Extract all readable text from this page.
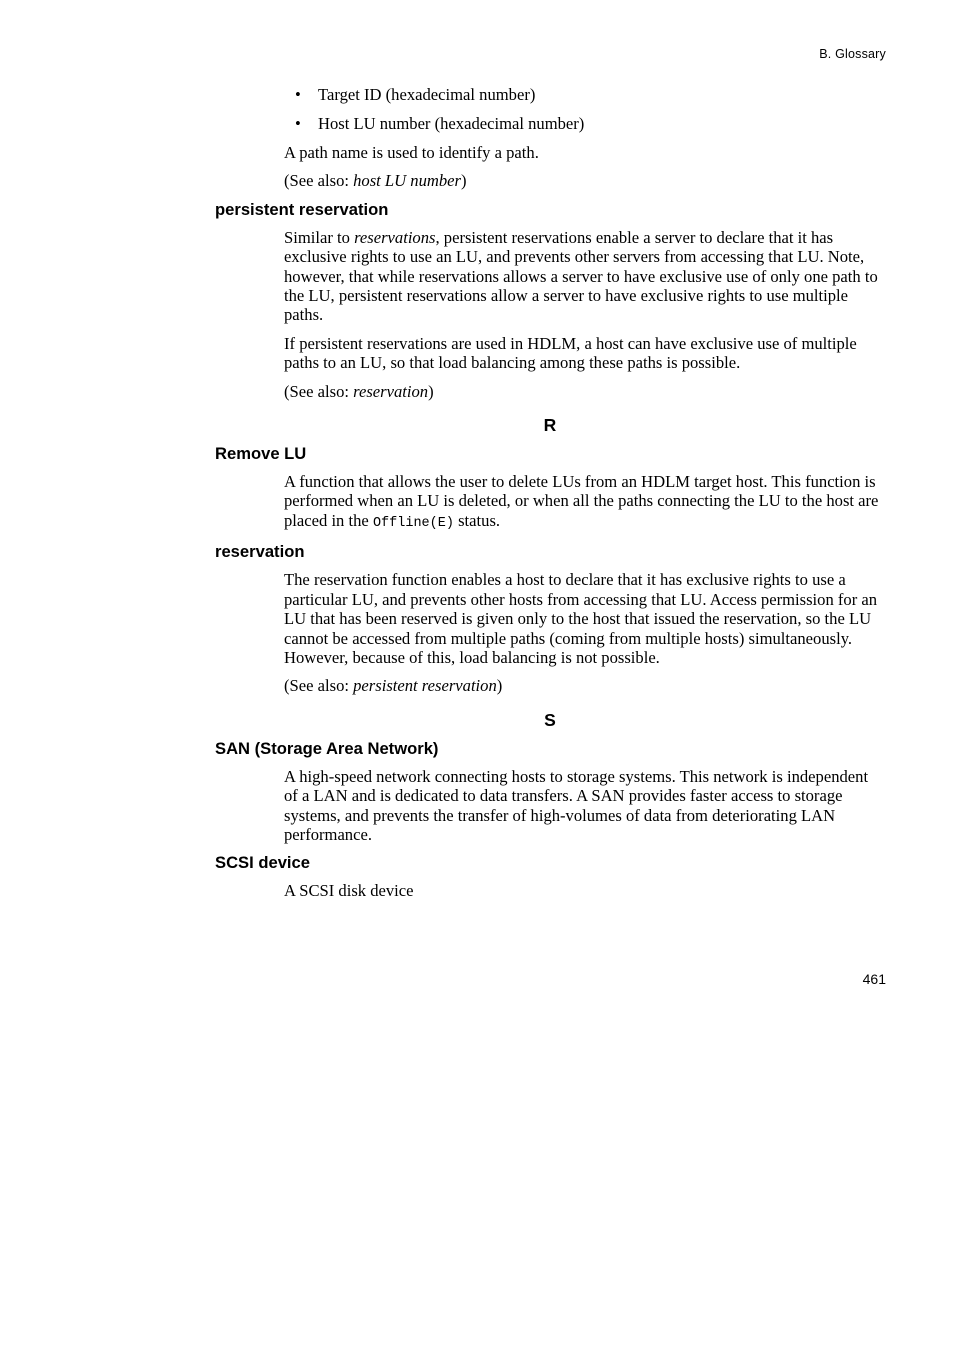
B. Glossary
• Target ID (hexadecimal number)
• Host LU number (hexadecimal number)

A path name is used to identify a path.

(See also: host LU number)

persistent reservation

Similar to reservations, persistent reservations enable a server to declare that it has exclusive rights to use an LU, and prevents other servers from accessing that LU. Note, however, that while reservations allows a server to have exclusive use of only one path to the LU, persistent reservations allow a server to have exclusive rights to use multiple paths.

If persistent reservations are used in HDLM, a host can have exclusive use of multiple paths to an LU, so that load balancing among these paths is possible.

(See also: reservation)

R
Remove LU

A function that allows the user to delete LUs from an HDLM target host. This function is performed when an LU is deleted, or when all the paths connecting the LU to the host are placed in the Offline(E) status.

reservation

The reservation function enables a host to declare that it has exclusive rights to use a particular LU, and prevents other hosts from accessing that LU. Access permission for an LU that has been reserved is given only to the host that issued the reservation, so the LU cannot be accessed from multiple paths (coming from multiple hosts) simultaneously. However, because of this, load balancing is not possible.

(See also: persistent reservation)

S
SAN (Storage Area Network)

A high-speed network connecting hosts to storage systems. This network is independent of a LAN and is dedicated to data transfers. A SAN provides faster access to storage systems, and prevents the transfer of high-volumes of data from deteriorating LAN performance.

SCSI device

A SCSI disk device

461
